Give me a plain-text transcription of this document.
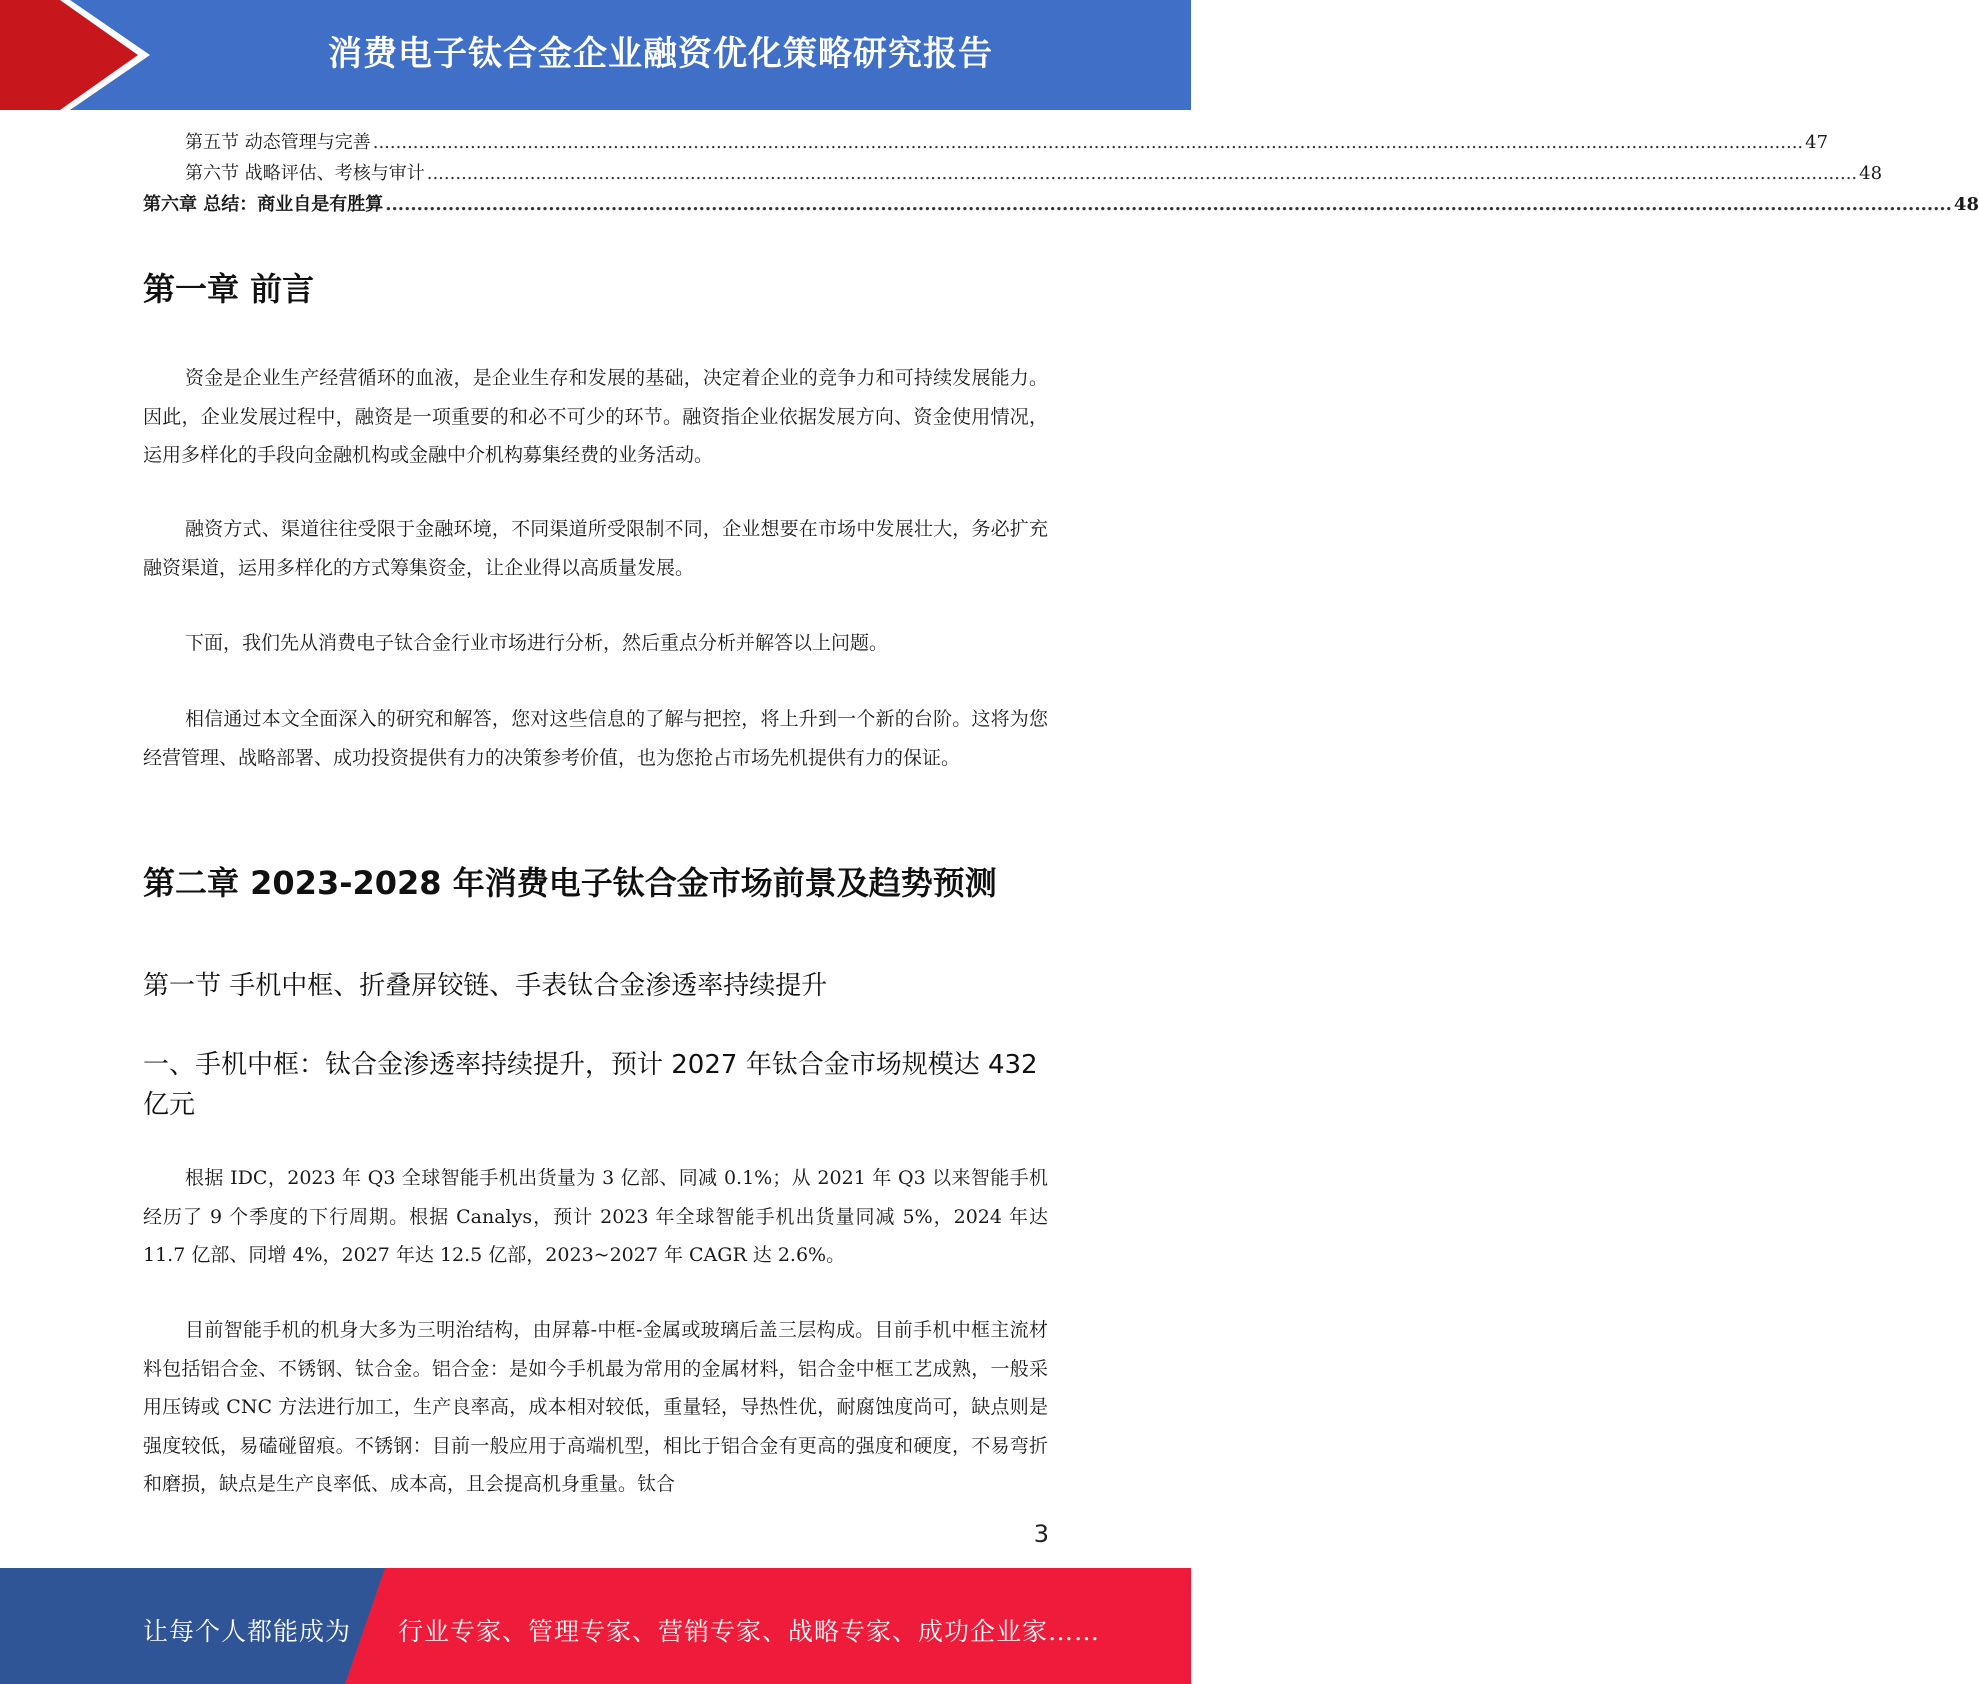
消费电子钛合金企业融资优化策略研究报告
第五节 动态管理与完善 .......................................................................................................................................................................................................................................................... 47
第六节 战略评估、考核与审计 .......................................................................................................................................................................................................................................................... 48
第六章 总结：商业自是有胜算 .......................................................................................................................................................................................................................................................... 48
第一章 前言

资金是企业生产经营循环的血液，是企业生存和发展的基础，决定着企业的竞争力和可持续发展能力。因此，企业发展过程中，融资是一项重要的和必不可少的环节。融资指企业依据发展方向、资金使用情况，运用多样化的手段向金融机构或金融中介机构募集经费的业务活动。

融资方式、渠道往往受限于金融环境，不同渠道所受限制不同，企业想要在市场中发展壮大，务必扩充融资渠道，运用多样化的方式筹集资金，让企业得以高质量发展。

下面，我们先从消费电子钛合金行业市场进行分析，然后重点分析并解答以上问题。

相信通过本文全面深入的研究和解答，您对这些信息的了解与把控，将上升到一个新的台阶。这将为您经营管理、战略部署、成功投资提供有力的决策参考价值，也为您抢占市场先机提供有力的保证。

第二章 2023-2028 年消费电子钛合金市场前景及趋势预测
第一节 手机中框、折叠屏铰链、手表钛合金渗透率持续提升
一、手机中框：钛合金渗透率持续提升，预计 2027 年钛合金市场规模达 432 亿元

根据 IDC，2023 年 Q3 全球智能手机出货量为 3 亿部、同减 0.1%；从 2021 年 Q3 以来智能手机经历了 9 个季度的下行周期。根据 Canalys，预计 2023 年全球智能手机出货量同减 5%，2024 年达 11.7 亿部、同增 4%，2027 年达 12.5 亿部，2023~2027 年 CAGR 达 2.6%。

目前智能手机的机身大多为三明治结构，由屏幕-中框-金属或玻璃后盖三层构成。目前手机中框主流材料包括铝合金、不锈钢、钛合金。铝合金：是如今手机最为常用的金属材料，铝合金中框工艺成熟，一般采用压铸或 CNC 方法进行加工，生产良率高，成本相对较低，重量轻，导热性优，耐腐蚀度尚可，缺点则是强度较低，易磕碰留痕。不锈钢：目前一般应用于高端机型，相比于铝合金有更高的强度和硬度，不易弯折和磨损，缺点是生产良率低、成本高，且会提高机身重量。钛合

3
让每个人都能成为 行业专家、管理专家、营销专家、战略专家、成功企业家……
